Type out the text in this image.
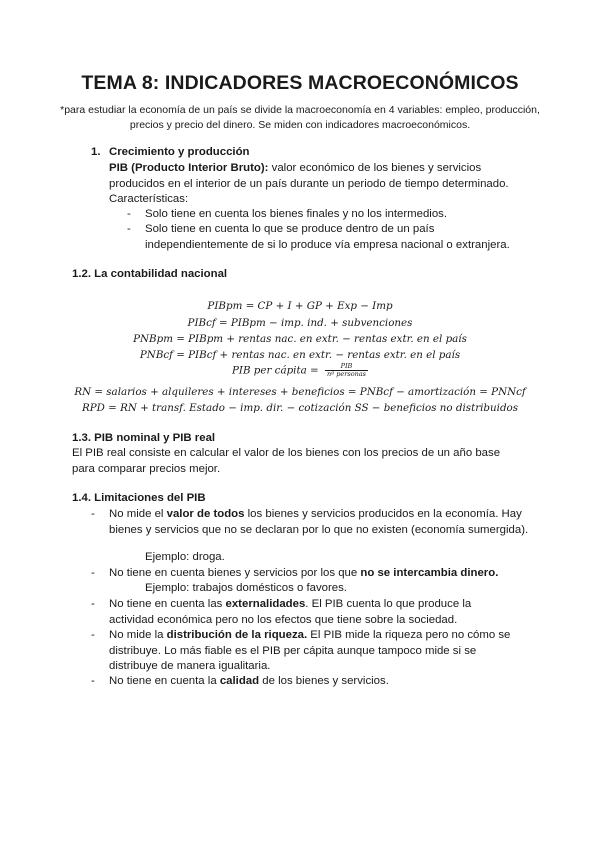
TEMA 8: INDICADORES MACROECONÓMICOS

*para estudiar la economía de un país se divide la macroeconomía en 4 variables: empleo, producción, precios y precio del dinero. Se miden con indicadores macroeconómicos.

1. Crecimiento y producción
PIB (Producto Interior Bruto): valor económico de los bienes y servicios producidos en el interior de un país durante un periodo de tiempo determinado.
Características:
- Solo tiene en cuenta los bienes finales y no los intermedios.
- Solo tiene en cuenta lo que se produce dentro de un país independientemente de si lo produce vía empresa nacional o extranjera.
1.2. La contabilidad nacional
PIBpm = CP + I + GP + Exp − Imp
PIBcf = PIBpm − imp. ind. + subvenciones
PNBpm = PIBpm + rentas nac. en extr. − rentas extr. en el país
PNBcf = PIBcf + rentas nac. en extr. − rentas extr. en el país
PIB per cápita = $\frac{\text{PIB}}{\text{nº personas}}$
RN = salarios + alquileres + intereses + beneficios = PNBcf − amortización = PNNcf
RPD = RN + transf. Estado − imp. dir. − cotización SS − beneficios no distribuidos
1.3. PIB nominal y PIB real
El PIB real consiste en calcular el valor de los bienes con los precios de un año base para comparar precios mejor.
1.4. Limitaciones del PIB
- No mide el valor de todos los bienes y servicios producidos en la economía. Hay bienes y servicios que no se declaran por lo que no existen (economía sumergida).
Ejemplo: droga.
- No tiene en cuenta bienes y servicios por los que no se intercambia dinero.
Ejemplo: trabajos domésticos o favores.
- No tiene en cuenta las externalidades. El PIB cuenta lo que produce la actividad económica pero no los efectos que tiene sobre la sociedad.
- No mide la distribución de la riqueza. El PIB mide la riqueza pero no cómo se distribuye. Lo más fiable es el PIB per cápita aunque tampoco mide si se distribuye de manera igualitaria.
- No tiene en cuenta la calidad de los bienes y servicios.
